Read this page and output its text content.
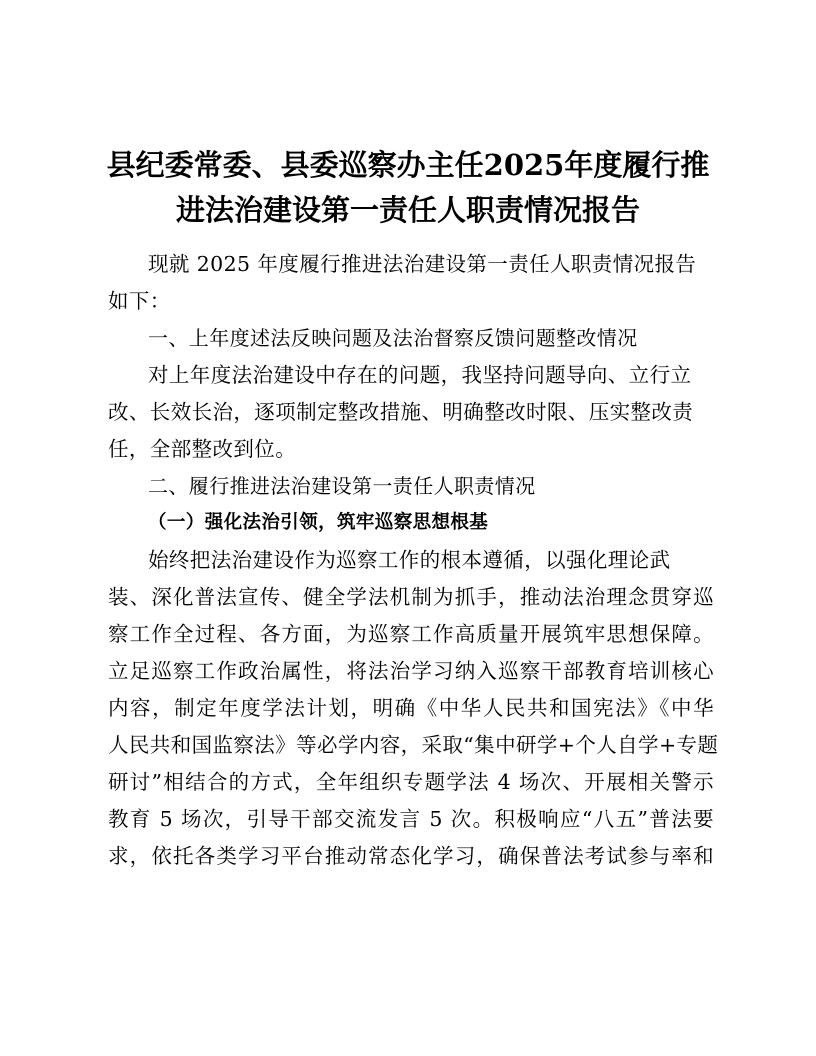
县纪委常委、县委巡察办主任2025年度履行推
进法治建设第一责任人职责情况报告

现就 2025 年度履行推进法治建设第一责任人职责情况报告

如下：

一、上年度述法反映问题及法治督察反馈问题整改情况

对上年度法治建设中存在的问题，我坚持问题导向、立行立

改、长效长治，逐项制定整改措施、明确整改时限、压实整改责

任，全部整改到位。

二、履行推进法治建设第一责任人职责情况

（一）强化法治引领，筑牢巡察思想根基

始终把法治建设作为巡察工作的根本遵循，以强化理论武

装、深化普法宣传、健全学法机制为抓手，推动法治理念贯穿巡

察工作全过程、各方面，为巡察工作高质量开展筑牢思想保障。

立足巡察工作政治属性，将法治学习纳入巡察干部教育培训核心

内容，制定年度学法计划，明确《中华人民共和国宪法》《中华

人民共和国监察法》等必学内容，采取“集中研学+个人自学+专题

研讨”相结合的方式，全年组织专题学法 4 场次、开展相关警示

教育 5 场次，引导干部交流发言 5 次。积极响应“八五”普法要

求，依托各类学习平台推动常态化学习，确保普法考试参与率和
